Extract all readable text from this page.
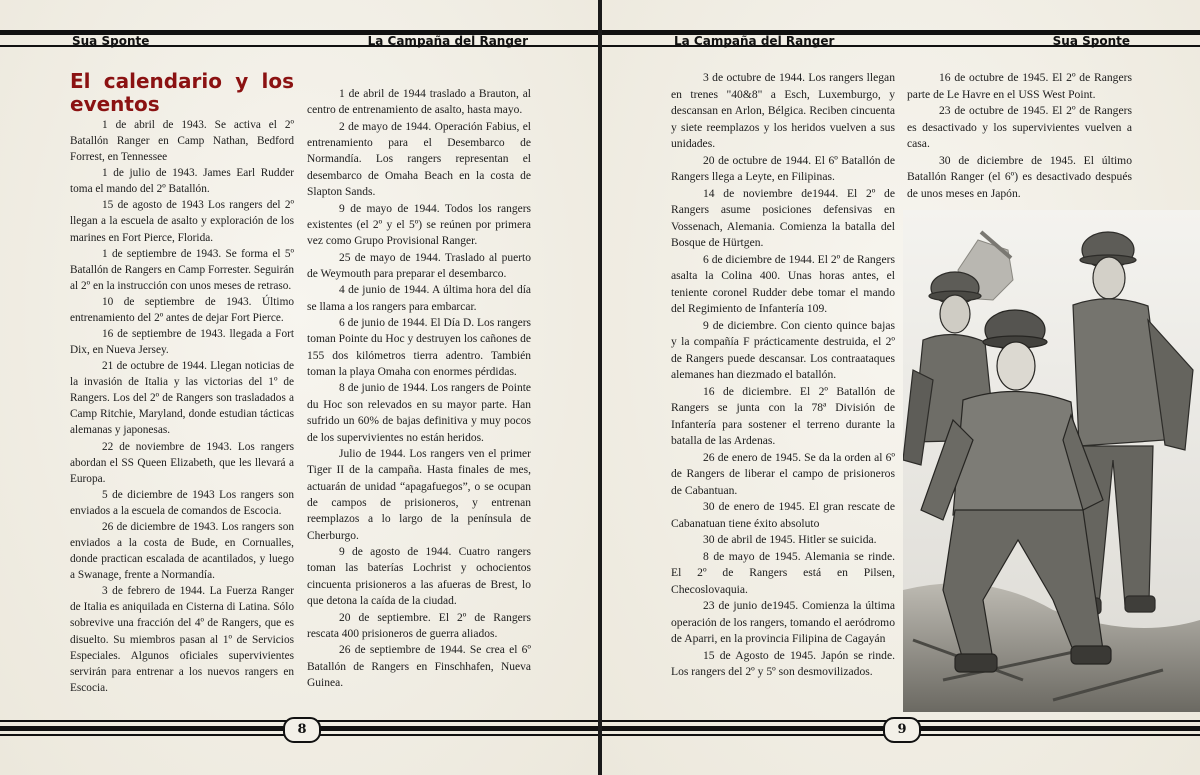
Sua Sponte	La Campaña del Ranger
El calendario y los eventos

1 de abril de 1943. Se activa el 2º Batallón Ranger en Camp Nathan, Bedford Forrest, en Tennessee

1 de julio de 1943. James Earl Rudder toma el mando del 2º Batallón.

15 de agosto de 1943 Los rangers del 2º llegan a la escuela de asalto y exploración de los marines en Fort Pierce, Florida.

1 de septiembre de 1943. Se forma el 5º Batallón de Rangers en Camp Forrester. Seguirán al 2º en la instrucción con unos meses de retraso.

10 de septiembre de 1943. Último entrenamiento del 2º antes de dejar Fort Pierce.

16 de septiembre de 1943. llegada a Fort Dix, en Nueva Jersey.

21 de octubre de 1944. Llegan noticias de la invasión de Italia y las victorias del 1º de Rangers. Los del 2º de Rangers son trasladados a Camp Ritchie, Maryland, donde estudian tácticas alemanas y japonesas.

22 de noviembre de 1943. Los rangers abordan el SS Queen Elizabeth, que les llevará a Europa.

5 de diciembre de 1943 Los rangers son enviados a la escuela de comandos de Escocia.

26 de diciembre de 1943. Los rangers son enviados a la costa de Bude, en Cornualles, donde practican escalada de acantilados, y luego a Swanage, frente a Normandía.

3 de febrero de 1944. La Fuerza Ranger de Italia es aniquilada en Cisterna di Latina. Sólo sobrevive una fracción del 4º de Rangers, que es disuelto. Su miembros pasan al 1º de Servicios Especiales. Algunos oficiales supervivientes servirán para entrenar a los nuevos rangers en Escocia.

1 de abril de 1944 traslado a Brauton, al centro de entrenamiento de asalto, hasta mayo.

2 de mayo de 1944. Operación Fabius, el entrenamiento para el Desembarco de Normandía. Los rangers representan el desembarco de Omaha Beach en la costa de Slapton Sands.

9 de mayo de 1944. Todos los rangers existentes (el 2º y el 5º) se reúnen por primera vez como Grupo Provisional Ranger.

25 de mayo de 1944. Traslado al puerto de Weymouth para preparar el desembarco.

4 de junio de 1944. A última hora del día se llama a los rangers para embarcar.

6 de junio de 1944. El Día D. Los rangers toman Pointe du Hoc y destruyen los cañones de 155 dos kilómetros tierra adentro. También toman la playa Omaha con enormes pérdidas.

8 de junio de 1944. Los rangers de Pointe du Hoc son relevados en su mayor parte. Han sufrido un 60% de bajas definitiva y muy pocos de los supervivientes no están heridos.

Julio de 1944. Los rangers ven el primer Tiger II de la campaña. Hasta finales de mes, actuarán de unidad “apagafuegos”, o se ocupan de campos de prisioneros, y entrenan reemplazos a lo largo de la península de Cherburgo.

9 de agosto de 1944. Cuatro rangers toman las baterías Lochrist y ochocientos cincuenta prisioneros a las afueras de Brest, lo que detona la caída de la ciudad.

20 de septiembre. El 2º de Rangers rescata 400 prisioneros de guerra aliados.

26 de septiembre de 1944. Se crea el 6º Batallón de Rangers en Finschhafen, Nueva Guinea.

8
La Campaña del Ranger	Sua Sponte

3 de octubre de 1944. Los rangers llegan en trenes "40&8" a Esch, Luxemburgo, y descansan en Arlon, Bélgica. Reciben cincuenta y siete reemplazos y los heridos vuelven a sus unidades.

20 de octubre de 1944. El 6º Batallón de Rangers llega a Leyte, en Filipinas.

14 de noviembre de1944. El 2º de Rangers asume posiciones defensivas en Vossenach, Alemania. Comienza la batalla del Bosque de Hürtgen.

6 de diciembre de 1944. El 2º de Rangers asalta la Colina 400. Unas horas antes, el teniente coronel Rudder debe tomar el mando del Regimiento de Infantería 109.

9 de diciembre. Con ciento quince bajas y la compañía F prácticamente destruida, el 2º de Rangers puede descansar. Los contraataques alemanes han diezmado el batallón.

16 de diciembre. El 2º Batallón de Rangers se junta con la 78ª División de Infantería para sostener el terreno durante la batalla de las Ardenas.

26 de enero de 1945. Se da la orden al 6º de Rangers de liberar el campo de prisioneros de Cabantuan.

30 de enero de 1945. El gran rescate de Cabanatuan tiene éxito absoluto

30 de abril de 1945. Hitler se suicida.

8 de mayo de 1945. Alemania se rinde. El 2º de Rangers está en Pilsen, Checoslovaquia.

23 de junio de1945. Comienza la última operación de los rangers, tomando el aeródromo de Aparri, en la provincia Filipina de Cagayán

15 de Agosto de 1945. Japón se rinde. Los rangers del 2º y 5º son desmovilizados.

16 de octubre de 1945. El 2º de Rangers parte de Le Havre en el USS West Point.

23 de octubre de 1945. El 2º de Rangers es desactivado y los supervivientes vuelven a casa.

30 de diciembre de 1945. El último Batallón Ranger (el 6º) es desactivado después de unos meses en Japón.

9
